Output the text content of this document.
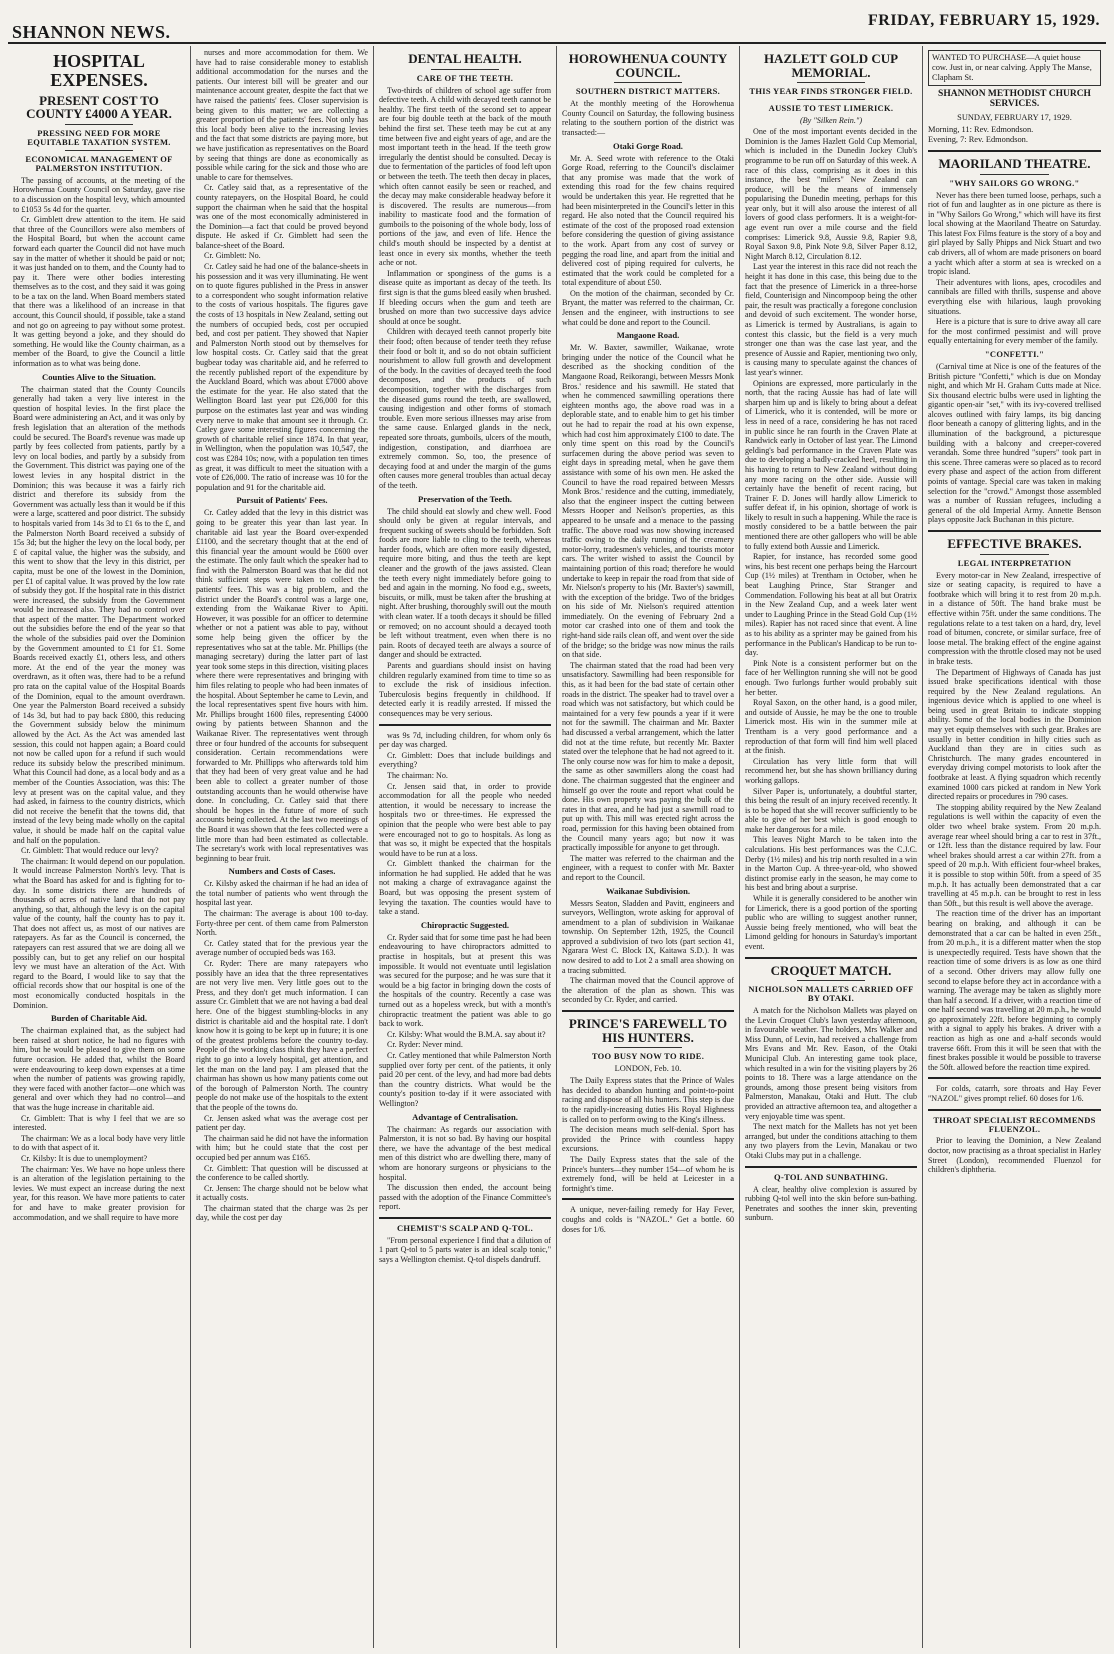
SHANNON NEWS.
FRIDAY, FEBRUARY 15, 1929.
HOSPITAL EXPENSES.
PRESENT COST TO COUNTY £4000 A YEAR.
PRESSING NEED FOR MORE EQUITABLE TAXATION SYSTEM.
ECONOMICAL MANAGEMENT OF PALMERSTON INSTITUTION.

The passing of accounts, at the meeting of the Horowhenua County Council on Saturday, gave rise to a discussion on the hospital levy, which amounted to £1053 5s 4d for the quarter.

Cr. Gimblett drew attention to the item. He said that three of the Councillors were also members of the Hospital Board, but when the account came forward each quarter the Council did not have much say in the matter of whether it should be paid or not; it was just handed on to them, and the County had to pay it. There were other bodies interesting themselves as to the cost, and they said it was going to be a tax on the land. When Board members stated that there was a likelihood of an increase in that account, this Council should, if possible, take a stand and not go on agreeing to pay without some protest. It was getting beyond a joke, and they should do something. He would like the County chairman, as a member of the Board, to give the Council a little information as to what was being done.

Counties Alive to the Situation.

The chairman stated that the County Councils generally had taken a very live interest in the question of hospital levies. In the first place the Board were administering an Act, and it was only by fresh legislation that an alteration of the methods could be secured. The Board's revenue was made up partly by fees collected from patients, partly by a levy on local bodies, and partly by a subsidy from the Government. This district was paying one of the lowest levies in any hospital district in the Dominion; this was because it was a fairly rich district and therefore its subsidy from the Government was actually less than it would be if this were a large, scattered and poor district. The subsidy to hospitals varied from 14s 3d to £1 6s to the £, and the Palmerston North Board received a subsidy of 15s 3d; but the higher the levy on the local body, per £ of capital value, the higher was the subsidy, and this went to show that the levy in this district, per capita, must be one of the lowest in the Dominion, per £1 of capital value. It was proved by the low rate of subsidy they got. If the hospital rate in this district were increased, the subsidy from the Government would be increased also. They had no control over that aspect of the matter. The Department worked out the subsidies before the end of the year so that the whole of the subsidies paid over the Dominion by the Government amounted to £1 for £1. Some Boards received exactly £1, others less, and others more. At the end of the year the money was overdrawn, as it often was, there had to be a refund pro rata on the capital value of the Hospital Boards of the Dominion, equal to the amount overdrawn. One year the Palmerston Board received a subsidy of 14s 3d, but had to pay back £800, this reducing the Government subsidy below the minimum allowed by the Act. As the Act was amended last session, this could not happen again; a Board could not now be called upon for a refund if such would reduce its subsidy below the prescribed minimum. What this Council had done, as a local body and as a member of the Counties Association, was this: The levy at present was on the capital value, and they had asked, in fairness to the country districts, which did not receive the benefit that the towns did, that instead of the levy being made wholly on the capital value, it should be made half on the capital value and half on the population.

Cr. Gimblett: That would reduce our levy?

The chairman: It would depend on our population. It would increase Palmerston North's levy. That is what the Board has asked for and is fighting for to-day. In some districts there are hundreds of thousands of acres of native land that do not pay anything, so that, although the levy is on the capital value of the county, half the county has to pay it. That does not affect us, as most of our natives are ratepayers. As far as the Council is concerned, the ratepayers can rest assured that we are doing all we possibly can, but to get any relief on our hospital levy we must have an alteration of the Act. With regard to the Board, I would like to say that the official records show that our hospital is one of the most economically conducted hospitals in the Dominion.

Burden of Charitable Aid.

The chairman explained that, as the subject had been raised at short notice, he had no figures with him, but he would be pleased to give them on some future occasion. He added that, whilst the Board were endeavouring to keep down expenses at a time when the number of patients was growing rapidly, they were faced with another factor—one which was general and over which they had no control—and that was the huge increase in charitable aid.

Cr. Gimblett: That is why I feel that we are so interested.

The chairman: We as a local body have very little to do with that aspect of it.

Cr. Kilsby: It is due to unemployment?

The chairman: Yes. We have no hope unless there is an alteration of the legislation pertaining to the levies. We must expect an increase during the next year, for this reason. We have more patients to cater for and have to make greater provision for accommodation, and we shall require to have more

nurses and more accommodation for them. We have had to raise considerable money to establish additional accommodation for the nurses and the patients. Our interest bill will be greater and our maintenance account greater, despite the fact that we have raised the patients' fees. Closer supervision is being given to this matter; we are collecting a greater proportion of the patients' fees. Not only has this local body been alive to the increasing levies and the fact that some districts are paying more, but we have justification as representatives on the Board by seeing that things are done as economically as possible while caring for the sick and those who are unable to care for themselves.

Cr. Catley said that, as a representative of the county ratepayers, on the Hospital Board, he could support the chairman when he said that the hospital was one of the most economically administered in the Dominion—a fact that could be proved beyond dispute. He asked if Cr. Gimblett had seen the balance-sheet of the Board.

Cr. Gimblett: No.

Cr. Catley said he had one of the balance-sheets in his possession and it was very illuminating. He went on to quote figures published in the Press in answer to a correspondent who sought information relative to the costs of various hospitals. The figures gave the costs of 13 hospitals in New Zealand, setting out the numbers of occupied beds, cost per occupied bed, and cost per patient. They showed that Napier and Palmerston North stood out by themselves for low hospital costs. Cr. Catley said that the great bugbear today was charitable aid, and he referred to the recently published report of the expenditure by the Auckland Board, which was about £7000 above the estimate for the year. He also stated that the Wellington Board last year put £26,000 for this purpose on the estimates last year and was winding every nerve to make that amount see it through. Cr. Catley gave some interesting figures concerning the growth of charitable relief since 1874. In that year, in Wellington, when the population was 10,547, the cost was £284 10s; now, with a population ten times as great, it was difficult to meet the situation with a vote of £26,000. The ratio of increase was 10 for the population and 91 for the charitable aid.

Pursuit of Patients' Fees.

Cr. Catley added that the levy in this district was going to be greater this year than last year. In charitable aid last year the Board over-expended £1100, and the secretary thought that at the end of this financial year the amount would be £600 over the estimate. The only fault which the speaker had to find with the Palmerston Board was that he did not think sufficient steps were taken to collect the patients' fees. This was a big problem, and the district under the Board's control was a large one, extending from the Waikanae River to Apiti. However, it was possible for an officer to determine whether or not a patient was able to pay, without some help being given the officer by the representatives who sat at the table. Mr. Phillips (the managing secretary) during the latter part of last year took some steps in this direction, visiting places where there were representatives and bringing with him files relating to people who had been inmates of the hospital. About September he came to Levin, and the local representatives spent five hours with him. Mr. Phillips brought 1600 files, representing £4000 owing by patients between Shannon and the Waikanae River. The representatives went through three or four hundred of the accounts for subsequent consideration. Certain recommendations were forwarded to Mr. Phillipps who afterwards told him that they had been of very great value and he had been able to collect a greater number of those outstanding accounts than he would otherwise have done. In concluding, Cr. Catley said that there should be hopes in the future of more of such accounts being collected. At the last two meetings of the Board it was shown that the fees collected were a little more than had been estimated as collectable. The secretary's work with local representatives was beginning to bear fruit.

Numbers and Costs of Cases.

Cr. Kilsby asked the chairman if he had an idea of the total number of patients who went through the hospital last year.

The chairman: The average is about 100 to-day. Forty-three per cent. of them came from Palmerston North.

Cr. Catley stated that for the previous year the average number of occupied beds was 163.

Cr. Ryder: There are many ratepayers who possibly have an idea that the three representatives are not very live men. Very little goes out to the Press, and they don't get much information. I can assure Cr. Gimblett that we are not having a bad deal here. One of the biggest stumbling-blocks in any district is charitable aid and the hospital rate. I don't know how it is going to be kept up in future; it is one of the greatest problems before the country to-day. People of the working class think they have a perfect right to go into a lovely hospital, get attention, and let the man on the land pay. I am pleased that the chairman has shown us how many patients come out of the borough of Palmerston North. The country people do not make use of the hospitals to the extent that the people of the towns do.

Cr. Jensen asked what was the average cost per patient per day.

The chairman said he did not have the information with him; but he could state that the cost per occupied bed per annum was £165.

Cr. Gimblett: That question will be discussed at the conference to be called shortly.

Cr. Jensen: The charge should not be below what it actually costs.

The chairman stated that the charge was 2s per day, while the cost per day

DENTAL HEALTH.
CARE OF THE TEETH.

Two-thirds of children of school age suffer from defective teeth. A child with decayed teeth cannot be healthy. The first teeth of the second set to appear are four big double teeth at the back of the mouth behind the first set. These teeth may be cut at any time between five and eight years of age, and are the most important teeth in the head. If the teeth grow irregularly the dentist should be consulted. Decay is due to fermentation of the particles of food left upon or between the teeth. The teeth then decay in places, which often cannot easily be seen or reached, and the decay may make considerable headway before it is discovered. The results are numerous—from inability to masticate food and the formation of gumboils to the poisoning of the whole body, loss of portions of the jaw, and even of life. Hence the child's mouth should be inspected by a dentist at least once in every six months, whether the teeth ache or not.

Inflammation or sponginess of the gums is a disease quite as important as decay of the teeth. Its first sign is that the gums bleed easily when brushed. If bleeding occurs when the gum and teeth are brushed on more than two successive days advice should at once be sought.

Children with decayed teeth cannot properly bite their food; often because of tender teeth they refuse their food or bolt it, and so do not obtain sufficient nourishment to allow full growth and development of the body. In the cavities of decayed teeth the food decomposes, and the products of such decomposition, together with the discharges from the diseased gums round the teeth, are swallowed, causing indigestion and other forms of stomach trouble. Even more serious illnesses may arise from the same cause. Enlarged glands in the neck, repeated sore throats, gumboils, ulcers of the mouth, indigestion, constipation, and diarrhoea are extremely common. So, too, the presence of decaying food at and under the margin of the gums often causes more general troubles than actual decay of the teeth.

Preservation of the Teeth.

The child should eat slowly and chew well. Food should only be given at regular intervals, and frequent sucking of sweets should be forbidden. Soft foods are more liable to cling to the teeth, whereas harder foods, which are often more easily digested, require more biting, and thus the teeth are kept cleaner and the growth of the jaws assisted. Clean the teeth every night immediately before going to bed and again in the morning. No food e.g., sweets, biscuits, or milk, must be taken after the brushing at night. After brushing, thoroughly swill out the mouth with clean water. If a tooth decays it should be filled or removed; on no account should a decayed tooth be left without treatment, even when there is no pain. Roots of decayed teeth are always a source of danger and should be extracted.

Parents and guardians should insist on having children regularly examined from time to time so as to exclude the risk of insidious infection. Tuberculosis begins frequently in childhood. If detected early it is readily arrested. If missed the consequences may be very serious.

was 9s 7d, including children, for whom only 6s per day was charged.

Cr. Gimblett: Does that include buildings and everything?

The chairman: No.

Cr. Jensen said that, in order to provide accommodation for all the people who needed attention, it would be necessary to increase the hospitals two or three-times. He expressed the opinion that the people who were best able to pay were encouraged not to go to hospitals. As long as that was so, it might be expected that the hospitals would have to be run at a loss.

Cr. Gimblett thanked the chairman for the information he had supplied. He added that he was not making a charge of extravagance against the Board, but was opposing the present system of levying the taxation. The counties would have to take a stand.

Chiropractic Suggested.

Cr. Ryder said that for some time past he had been endeavouring to have chiropractors admitted to practise in hospitals, but at present this was impossible. It would not eventuate until legislation was secured for the purpose; and he was sure that it would be a big factor in bringing down the costs of the hospitals of the country. Recently a case was turned out as a hopeless wreck, but with a month's chiropractic treatment the patient was able to go back to work.

Cr. Kilsby: What would the B.M.A. say about it?

Cr. Ryder: Never mind.

Cr. Catley mentioned that while Palmerston North supplied over forty per cent. of the patients, it only paid 20 per cent. of the levy, and had more bad debts than the country districts. What would be the county's position to-day if it were associated with Wellington?

Advantage of Centralisation.

The chairman: As regards our association with Palmerston, it is not so bad. By having our hospital there, we have the advantage of the best medical men of this district who are dwelling there, many of whom are honorary surgeons or physicians to the hospital.

The discussion then ended, the account being passed with the adoption of the Finance Committee's report.

CHEMIST'S SCALP AND Q-TOL.

"From personal experience I find that a dilution of 1 part Q-tol to 5 parts water is an ideal scalp tonic," says a Wellington chemist. Q-tol dispels dandruff.

HOROWHENUA COUNTY COUNCIL.
SOUTHERN DISTRICT MATTERS.

At the monthly meeting of the Horowhenua County Council on Saturday, the following business relating to the southern portion of the district was transacted:—

Otaki Gorge Road.

Mr. A. Seed wrote with reference to the Otaki Gorge Road, referring to the Council's disclaimer that any promise was made that the work of extending this road for the few chains required would be undertaken this year. He regretted that he had been misinterpreted in the Council's letter in this regard. He also noted that the Council required his estimate of the cost of the proposed road extension before considering the question of giving assistance to the work. Apart from any cost of survey or pegging the road line, and apart from the initial and delivered cost of piping required for culverts, he estimated that the work could be completed for a total expenditure of about £50.

On the motion of the chairman, seconded by Cr. Bryant, the matter was referred to the chairman, Cr. Jensen and the engineer, with instructions to see what could be done and report to the Council.

Mangaone Road.

Mr. W. Baxter, sawmiller, Waikanae, wrote bringing under the notice of the Council what he described as the shocking condition of the Mangaone Road, Reikorangi, between Messrs Monk Bros.' residence and his sawmill. He stated that when he commenced sawmilling operations there eighteen months ago, the above road was in a deplorable state, and to enable him to get his timber out he had to repair the road at his own expense, which had cost him approximately £100 to date. The only time spent on this road by the Council's surfacemen during the above period was seven to eight days in spreading metal, when he gave them assistance with some of his own men. He asked the Council to have the road repaired between Messrs Monk Bros.' residence and the cutting, immediately, also that the engineer inspect the cutting between Messrs Hooper and Neilson's properties, as this appeared to be unsafe and a menace to the passing traffic. The above road was now showing increased traffic owing to the daily running of the creamery motor-lorry, tradesmen's vehicles, and tourists motor cars. The writer wished to assist the Council by maintaining portion of this road; therefore he would undertake to keep in repair the road from that side of Mr. Nielson's property to his (Mr. Baxter's) sawmill, with the exception of the bridge. Two of the bridges on his side of Mr. Nielson's required attention immediately. On the evening of February 2nd a motor car crashed into one of them and took the right-hand side rails clean off, and went over the side of the bridge; so the bridge was now minus the rails on that side.

The chairman stated that the road had been very unsatisfactory. Sawmilling had been responsible for this, as it had been for the bad state of certain other roads in the district. The speaker had to travel over a road which was not satisfactory, but which could be maintained for a very few pounds a year if it were not for the sawmill. The chairman and Mr. Baxter had discussed a verbal arrangement, which the latter did not at the time refute, but recently Mr. Baxter stated over the telephone that he had not agreed to it. The only course now was for him to make a deposit, the same as other sawmillers along the coast had done. The chairman suggested that the engineer and himself go over the route and report what could be done. His own property was paying the bulk of the rates in that area, and he had just a sawmill road to put up with. This mill was erected right across the road, permission for this having been obtained from the Council many years ago; but now it was practically impossible for anyone to get through.

The matter was referred to the chairman and the engineer, with a request to confer with Mr. Baxter and report to the Council.

Waikanae Subdivision.

Messrs Seaton, Sladden and Pavitt, engineers and surveyors, Wellington, wrote asking for approval of amendment to a plan of subdivision in Waikanae township. On September 12th, 1925, the Council approved a subdivision of two lots (part section 41, Ngarara West C. Block IX, Kaitawa S.D.). It was now desired to add to Lot 2 a small area showing on a tracing submitted.

The chairman moved that the Council approve of the alteration of the plan as shown. This was seconded by Cr. Ryder, and carried.

PRINCE'S FAREWELL TO HIS HUNTERS.
TOO BUSY NOW TO RIDE.
LONDON, Feb. 10.

The Daily Express states that the Prince of Wales has decided to abandon hunting and point-to-point racing and dispose of all his hunters. This step is due to the rapidly-increasing duties His Royal Highness is called on to perform owing to the King's illness.

The decision means much self-denial. Sport has provided the Prince with countless happy excursions.

The Daily Express states that the sale of the Prince's hunters—they number 154—of whom he is extremely fond, will be held at Leicester in a fortnight's time.

A unique, never-failing remedy for Hay Fever, coughs and colds is "NAZOL." Get a bottle. 60 doses for 1/6.

HAZLETT GOLD CUP MEMORIAL.
THIS YEAR FINDS STRONGER FIELD.
AUSSIE TO TEST LIMERICK.
(By "Silken Rein.")

One of the most important events decided in the Dominion is the James Hazlett Gold Cup Memorial, which is included in the Dunedin Jockey Club's programme to be run off on Saturday of this week. A race of this class, comprising as it does in this instance, the best "milers" New Zealand can produce, will be the means of immensely popularising the Dunedin meeting, perhaps for this year only, but it will also arouse the interest of all lovers of good class performers. It is a weight-for-age event run over a mile course and the field comprises: Limerick 9.8, Aussie 9.8, Rapier 9.8, Royal Saxon 9.8, Pink Note 9.8, Silver Paper 8.12, Night March 8.12, Circulation 8.12.

Last year the interest in this race did not reach the height it has done in this case, this being due to the fact that the presence of Limerick in a three-horse field, Counterisign and Nincompoop being the other pair, the result was practically a foregone conclusion and devoid of such excitement. The wonder horse, as Limerick is termed by Australians, is again to contest this classic, but the field is a very much stronger one than was the case last year, and the presence of Aussie and Rapier, mentioning two only, is causing many to speculate against the chances of last year's winner.

Opinions are expressed, more particularly in the north, that the racing Aussie has had of late will sharpen him up and is likely to bring about a defeat of Limerick, who it is contended, will be more or less in need of a race, considering he has not raced in public since he ran fourth in the Craven Plate at Randwick early in October of last year. The Limond gelding's bad performance in the Craven Plate was due to developing a badly-cracked heel, resulting in his having to return to New Zealand without doing any more racing on the other side. Aussie will certainly have the benefit of recent racing, but Trainer F. D. Jones will hardly allow Limerick to suffer defeat if, in his opinion, shortage of work is likely to result in such a happening. While the race is mostly considered to be a battle between the pair mentioned there are other gallopers who will be able to fully extend both Aussie and Limerick.

Rapier, for instance, has recorded some good wins, his best recent one perhaps being the Harcourt Cup (1½ miles) at Trentham in October, when he beat Laughing Prince, Star Stranger and Commendation. Following his beat at all but Oratrix in the New Zealand Cup, and a week later went under to Laughing Prince in the Stead Gold Cup (1½ miles). Rapier has not raced since that event. A line as to his ability as a sprinter may be gained from his performance in the Publican's Handicap to be run to-day.

Pink Note is a consistent performer but on the face of her Wellington running she will not be good enough. Two furlongs further would probably suit her better.

Royal Saxon, on the other hand, is a good miler, and outside of Aussie, he may be the one to trouble Limerick most. His win in the summer mile at Trentham is a very good performance and a reproduction of that form will find him well placed at the finish.

Circulation has very little form that will recommend her, but she has shown brilliancy during working gallops.

Silver Paper is, unfortunately, a doubtful starter, this being the result of an injury received recently. It is to be hoped that she will recover sufficiently to be able to give of her best which is good enough to make her dangerous for a mile.

This leaves Night March to be taken into the calculations. His best performances was the C.J.C. Derby (1½ miles) and his trip north resulted in a win in the Marton Cup. A three-year-old, who showed distinct promise early in the season, he may come to his best and bring about a surprise.

While it is generally considered to be another win for Limerick, there is a good portion of the sporting public who are willing to suggest another runner, Aussie being freely mentioned, who will beat the Limond gelding for honours in Saturday's important event.

CROQUET MATCH.
NICHOLSON MALLETS CARRIED OFF BY OTAKI.

A match for the Nicholson Mallets was played on the Levin Croquet Club's lawn yesterday afternoon, in favourable weather. The holders, Mrs Walker and Miss Dunn, of Levin, had received a challenge from Mrs Evans and Mr. Rev. Eason, of the Otaki Municipal Club. An interesting game took place, which resulted in a win for the visiting players by 26 points to 18. There was a large attendance on the grounds, among those present being visitors from Palmerston, Manakau, Otaki and Hutt. The club provided an attractive afternoon tea, and altogether a very enjoyable time was spent.

The next match for the Mallets has not yet been arranged, but under the conditions attaching to them any two players from the Levin, Manakau or two Otaki Clubs may put in a challenge.

Q-TOL AND SUNBATHING.

A clear, healthy olive complexion is assured by rubbing Q-tol well into the skin before sun-bathing. Penetrates and soothes the inner skin, preventing sunburn.

WANTED TO PURCHASE—A quiet house cow. Just in, or near calving. Apply The Manse, Clapham St.
SHANNON METHODIST CHURCH SERVICES.
SUNDAY, FEBRUARY 17, 1929.
Morning, 11: Rev. Edmondson.
Evening, 7: Rev. Edmondson.
MAORILAND THEATRE.
"WHY SAILORS GO WRONG."

Never has there been turned loose, perhaps, such a riot of fun and laughter as in one picture as there is in "Why Sailors Go Wrong," which will have its first local showing at the Maoriland Theatre on Saturday. This latest Fox Films feature is the story of a boy and girl played by Sally Phipps and Nick Stuart and two cab drivers, all of whom are made prisoners on board a yacht which after a storm at sea is wrecked on a tropic island.

Their adventures with lions, apes, crocodiles and cannibals are filled with thrills, suspense and above everything else with hilarious, laugh provoking situations.

Here is a picture that is sure to drive away all care for the most confirmed pessimist and will prove equally entertaining for every member of the family.

"CONFETTI."

(Carnival time at Nice is one of the features of the British picture "Confetti," which is due on Monday night, and which Mr H. Graham Cutts made at Nice. Six thousand electric bulbs were used in lighting the gigantic open-air "set," with its ivy-covered trellised alcoves outlined with fairy lamps, its big dancing floor beneath a canopy of glittering lights, and in the illumination of the background, a picturesque building with a balcony and creeper-covered verandah. Some three hundred "supers" took part in this scene. Three cameras were so placed as to record every phase and aspect of the action from different points of vantage. Special care was taken in making selection for the "crowd." Amongst those assembled was a number of Russian refugees, including a general of the old Imperial Army. Annette Benson plays opposite Jack Buchanan in this picture.

EFFECTIVE BRAKES.
LEGAL INTERPRETATION

Every motor-car in New Zealand, irrespective of size or seating capacity, is required to have a footbrake which will bring it to rest from 20 m.p.h. in a distance of 50ft. The hand brake must be effective within 75ft. under the same conditions. The regulations relate to a test taken on a hard, dry, level road of bitumen, concrete, or similar surface, free of loose metal. The braking effect of the engine against compression with the throttle closed may not be used in brake tests.

The Department of Highways of Canada has just issued brake specifications identical with those required by the New Zealand regulations. An ingenious device which is applied to one wheel is being used in great Britain to indicate stopping ability. Some of the local bodies in the Dominion may yet equip themselves with such gear. Brakes are usually in better condition in hilly cities such as Auckland than they are in cities such as Christchurch. The many grades encountered in everyday driving compel motorists to look after the footbrake at least. A flying squadron which recently examined 1000 cars picked at random in New York directed repairs or procedures in 790 cases.

The stopping ability required by the New Zealand regulations is well within the capacity of even the older two wheel brake system. From 20 m.p.h. average rear wheel should bring a car to rest in 37ft., or 12ft. less than the distance required by law. Four wheel brakes should arrest a car within 27ft. from a speed of 20 m.p.h. With efficient four-wheel brakes, it is possible to stop within 50ft. from a speed of 35 m.p.h. It has actually been demonstrated that a car travelling at 45 m.p.h. can be brought to rest in less than 50ft., but this result is well above the average.

The reaction time of the driver has an important bearing on braking, and although it can be demonstrated that a car can be halted in even 25ft., from 20 m.p.h., it is a different matter when the stop is unexpectedly required. Tests have shown that the reaction time of some drivers is as low as one third of a second. Other drivers may allow fully one second to elapse before they act in accordance with a warning. The average may be taken as slightly more than half a second. If a driver, with a reaction time of one half second was travelling at 20 m.p.h., he would go approximately 22ft. before beginning to comply with a signal to apply his brakes. A driver with a reaction as high as one and a-half seconds would traverse 66ft. From this it will be seen that with the finest brakes possible it would be possible to traverse the 50ft. allowed before the reaction time expired.

For colds, catarrh, sore throats and Hay Fever "NAZOL" gives prompt relief. 60 doses for 1/6.

THROAT SPECIALIST RECOMMENDS FLUENZOL.

Prior to leaving the Dominion, a New Zealand doctor, now practising as a throat specialist in Harley Street (London), recommended Fluenzol for children's diphtheria.
